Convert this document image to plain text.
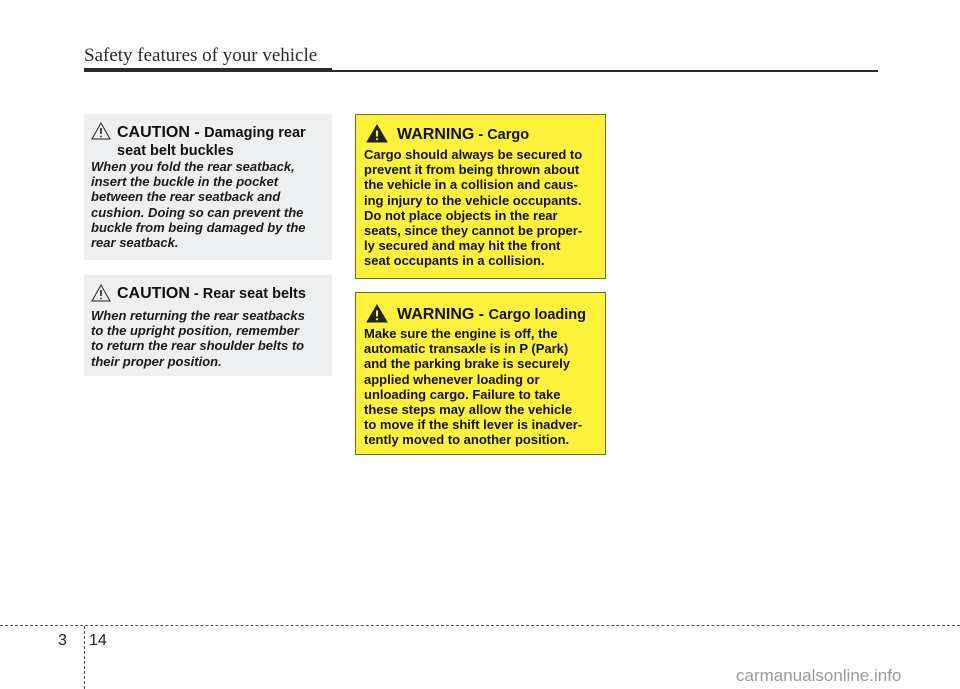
Safety features of your vehicle
CAUTION - Damaging rear
seat belt buckles
When you fold the rear seatback,
insert the buckle in the pocket
between the rear seatback and
cushion. Doing so can prevent the
buckle from being damaged by the
rear seatback.
CAUTION - Rear seat belts
When returning the rear seatbacks
to the upright position, remember
to return the rear shoulder belts to
their proper position.
WARNING - Cargo
Cargo should always be secured to
prevent it from being thrown about
the vehicle in a collision and caus-
ing injury to the vehicle occupants.
Do not place objects in the rear
seats, since they cannot be proper-
ly secured and may hit the front
seat occupants in a collision.
WARNING - Cargo loading
Make sure the engine is off, the
automatic transaxle is in P (Park)
and the parking brake is securely
applied whenever loading or
unloading cargo. Failure to take
these steps may allow the vehicle
to move if the shift lever is inadver-
tently moved to another position.
3 14
carmanualsonline.info
